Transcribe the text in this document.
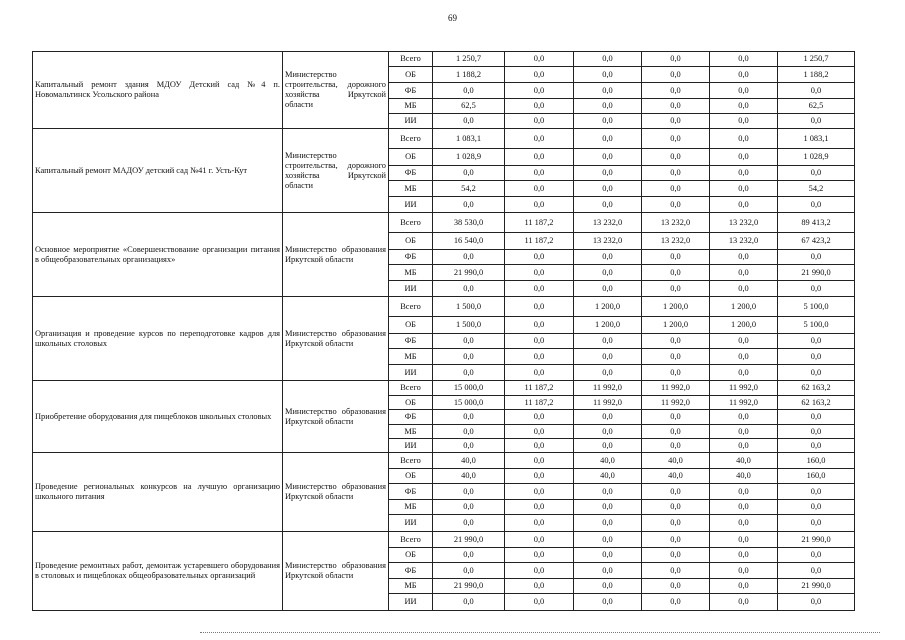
69
Капитальный ремонт здания МДОУ Детский сад №4 п. Новомальтинск Усольского района	Министерство строительства, дорожного хозяйства Иркутской области	Всего	1 250,7	0,0	0,0	0,0	0,0	1 250,7
		ОБ	1 188,2	0,0	0,0	0,0	0,0	1 188,2
		ФБ	0,0	0,0	0,0	0,0	0,0	0,0
		МБ	62,5	0,0	0,0	0,0	0,0	62,5
		ИИ	0,0	0,0	0,0	0,0	0,0	0,0

Капитальный ремонт МАДОУ детский сад №41 г. Усть-Кут	Министерство строительства, дорожного хозяйства Иркутской области	Всего	1 083,1	0,0	0,0	0,0	0,0	1 083,1
		ОБ	1 028,9	0,0	0,0	0,0	0,0	1 028,9
		ФБ	0,0	0,0	0,0	0,0	0,0	0,0
		МБ	54,2	0,0	0,0	0,0	0,0	54,2
		ИИ	0,0	0,0	0,0	0,0	0,0	0,0

Основное мероприятие «Совершенствование организации питания в общеобразовательных организациях»	Министерство образования Иркутской области	Всего	38 530,0	11 187,2	13 232,0	13 232,0	13 232,0	89 413,2
		ОБ	16 540,0	11 187,2	13 232,0	13 232,0	13 232,0	67 423,2
		ФБ	0,0	0,0	0,0	0,0	0,0	0,0
		МБ	21 990,0	0,0	0,0	0,0	0,0	21 990,0
		ИИ	0,0	0,0	0,0	0,0	0,0	0,0

Организация и проведение курсов по переподготовке кадров для школьных столовых	Министерство образования Иркутской области	Всего	1 500,0	0,0	1 200,0	1 200,0	1 200,0	5 100,0
		ОБ	1 500,0	0,0	1 200,0	1 200,0	1 200,0	5 100,0
		ФБ	0,0	0,0	0,0	0,0	0,0	0,0
		МБ	0,0	0,0	0,0	0,0	0,0	0,0
		ИИ	0,0	0,0	0,0	0,0	0,0	0,0

Приобретение оборудования для пищеблоков школьных столовых	Министерство образования Иркутской области	Всего	15 000,0	11 187,2	11 992,0	11 992,0	11 992,0	62 163,2
		ОБ	15 000,0	11 187,2	11 992,0	11 992,0	11 992,0	62 163,2
		ФБ	0,0	0,0	0,0	0,0	0,0	0,0
		МБ	0,0	0,0	0,0	0,0	0,0	0,0
		ИИ	0,0	0,0	0,0	0,0	0,0	0,0

Проведение региональных конкурсов на лучшую организацию школьного питания	Министерство образования Иркутской области	Всего	40,0	0,0	40,0	40,0	40,0	160,0
		ОБ	40,0	0,0	40,0	40,0	40,0	160,0
		ФБ	0,0	0,0	0,0	0,0	0,0	0,0
		МБ	0,0	0,0	0,0	0,0	0,0	0,0
		ИИ	0,0	0,0	0,0	0,0	0,0	0,0

Проведение ремонтных работ, демонтаж устаревшего оборудования в столовых и пищеблоках общеобразовательных организаций	Министерство образования Иркутской области	Всего	21 990,0	0,0	0,0	0,0	0,0	21 990,0
		ОБ	0,0	0,0	0,0	0,0	0,0	0,0
		ФБ	0,0	0,0	0,0	0,0	0,0	0,0
		МБ	21 990,0	0,0	0,0	0,0	0,0	21 990,0
		ИИ	0,0	0,0	0,0	0,0	0,0	0,0
